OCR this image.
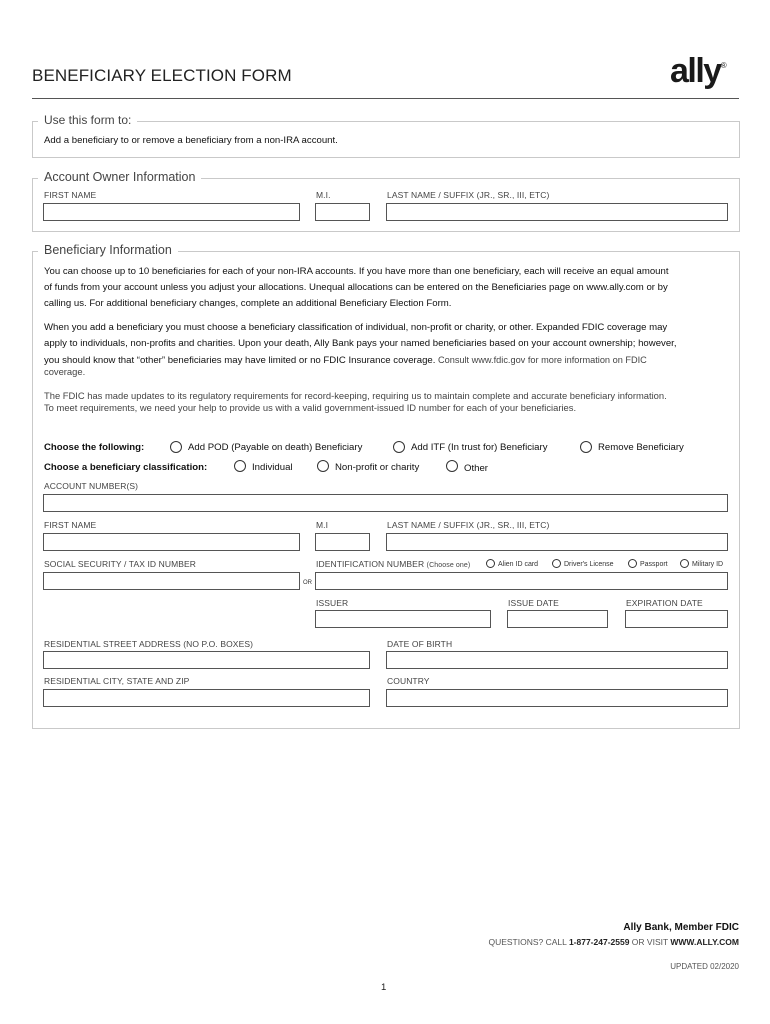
BENEFICIARY ELECTION FORM	ally®
Use this form to:
Add a beneficiary to or remove a beneficiary from a non-IRA account.
Account Owner Information
FIRST NAME	M.I.	LAST NAME / SUFFIX (JR., SR., III, ETC)
Beneficiary Information
You can choose up to 10 beneficiaries for each of your non-IRA accounts. If you have more than one beneficiary, each will receive an equal amount
of funds from your account unless you adjust your allocations. Unequal allocations can be entered on the Beneficiaries page on www.ally.com or by
calling us. For additional beneficiary changes, complete an additional Beneficiary Election Form.
When you add a beneficiary you must choose a beneficiary classification of individual, non-profit or charity, or other. Expanded FDIC coverage may
apply to individuals, non-profits and charities. Upon your death, Ally Bank pays your named beneficiaries based on your account ownership; however,
you should know that “other” beneficiaries may have limited or no FDIC Insurance coverage. Consult www.fdic.gov for more information on FDIC
coverage.
The FDIC has made updates to its regulatory requirements for record-keeping, requiring us to maintain complete and accurate beneficiary information.
To meet requirements, we need your help to provide us with a valid government-issued ID number for each of your beneficiaries.
Choose the following:	Add POD (Payable on death) Beneficiary	Add ITF (In trust for) Beneficiary	Remove Beneficiary
Choose a beneficiary classification:	Individual	Non-profit or charity	Other
ACCOUNT NUMBER(S)
FIRST NAME	M.I	LAST NAME / SUFFIX (JR., SR., III, ETC)
SOCIAL SECURITY / TAX ID NUMBER	IDENTIFICATION NUMBER (Choose one)	Alien ID card	Driver's License	Passport	Military ID
OR
ISSUER	ISSUE DATE	EXPIRATION DATE
RESIDENTIAL STREET ADDRESS (NO P.O. BOXES)	DATE OF BIRTH
RESIDENTIAL CITY, STATE AND ZIP	COUNTRY
Ally Bank, Member FDIC
QUESTIONS? CALL 1-877-247-2559 OR VISIT WWW.ALLY.COM
UPDATED 02/2020
1
